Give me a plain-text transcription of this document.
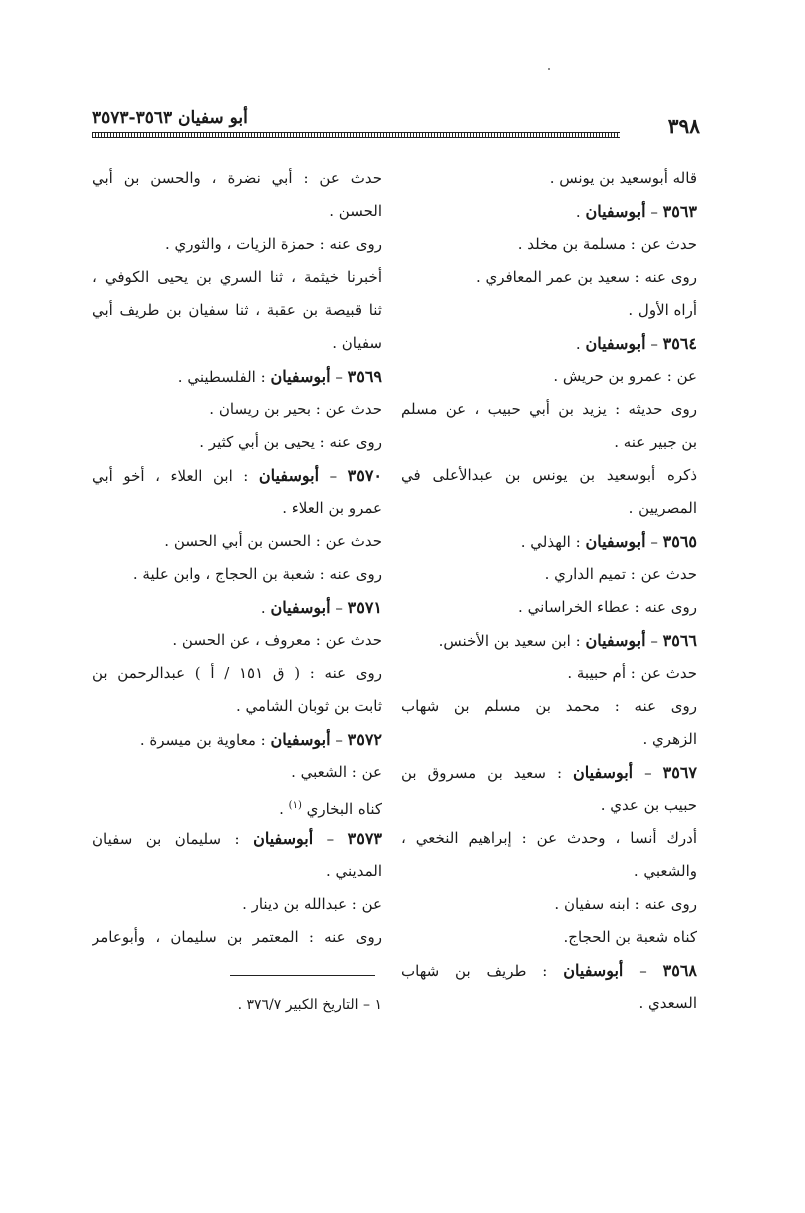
٣٩٨
أبو سفيان ٣٥٦٣-٣٥٧٣
قاله أبوسعيد بن يونس .
٣٥٦٣ – أبوسفيان .
حدث عن : مسلمة بن مخلد .
روى عنه : سعيد بن عمر المعافري .
أراه الأول .
٣٥٦٤ – أبوسفيان .
عن : عمرو بن حريش .
روى حديثه : يزيد بن أبي حبيب ، عن مسلم
بن جبير عنه .
ذكره أبوسعيد بن يونس بن عبدالأعلى في
المصريين .
٣٥٦٥ – أبوسفيان : الهذلي .
حدث عن : تميم الداري .
روى عنه : عطاء الخراساني .
٣٥٦٦ – أبوسفيان : ابن سعيد بن الأخنس.
حدث عن : أم حبيبة .
روى عنه : محمد بن مسلم بن شهاب
الزهري .
٣٥٦٧ – أبوسفيان : سعيد بن مسروق بن
حبيب بن عدي .
أدرك أنسا ، وحدث عن : إبراهيم النخعي ،
والشعبي .
روى عنه : ابنه سفيان .
كناه شعبة بن الحجاج.
٣٥٦٨ – أبوسفيان : طريف بن شهاب
السعدي .
حدث عن : أبي نضرة ، والحسن بن أبي
الحسن .
روى عنه : حمزة الزيات ، والثوري .
أخبرنا خيثمة ، ثنا السري بن يحيى الكوفي ،
ثنا قبيصة بن عقبة ، ثنا سفيان بن طريف أبي
سفيان .
٣٥٦٩ – أبوسفيان : الفلسطيني .
حدث عن : بحير بن ريسان .
روى عنه : يحيى بن أبي كثير .
٣٥٧٠ – أبوسفيان : ابن العلاء ، أخو أبي
عمرو بن العلاء .
حدث عن : الحسن بن أبي الحسن .
روى عنه : شعبة بن الحجاج ، وابن علية .
٣٥٧١ – أبوسفيان .
حدث عن : معروف ، عن الحسن .
روى عنه : ( ق ١٥١ / أ ) عبدالرحمن بن
ثابت بن ثوبان الشامي .
٣٥٧٢ – أبوسفيان : معاوية بن ميسرة .
عن : الشعبي .
كناه البخاري $^{(١)}$ .
٣٥٧٣ – أبوسفيان : سليمان بن سفيان
المديني .
عن : عبدالله بن دينار .
روى عنه : المعتمر بن سليمان ، وأبوعامر
١ – التاريخ الكبير ٣٧٦/٧ .
